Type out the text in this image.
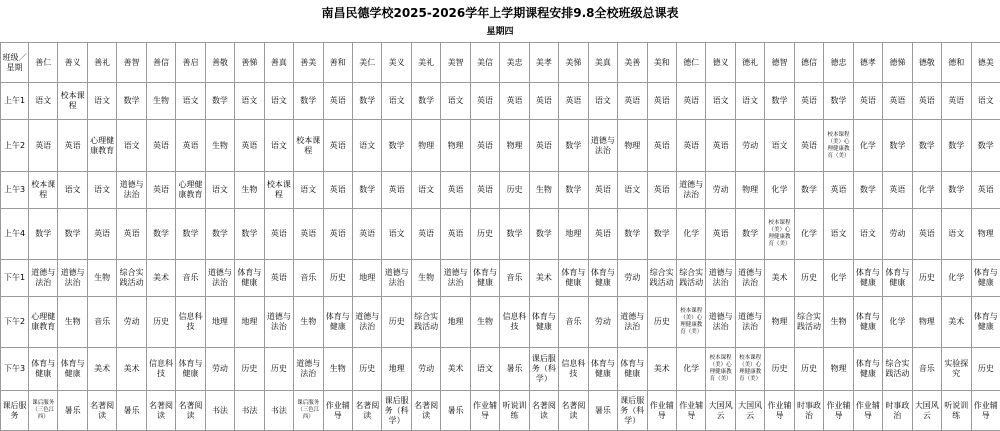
南昌民德学校2025-2026学年上学期课程安排9.8全校班级总课表
星期四
班级／星期	善仁	善义	善礼	善智	善信	善启	善敬	善悌	善真	善美	善和	美仁	美义	美礼	美智	美信	美忠	美孝	美悌	美真	美善	美和	德仁	德义	德礼	德智	德信	德忠	德孝	德悌	德敬	德和	德美
上午1	语文	校本课程	语文	数学	生物	语文	数学	语文	语文	数学	英语	数学	语文	数学	语文	英语	英语	英语	英语	语文	英语	英语	英语	语文	语文	数学	英语	数学	英语	英语	英语	英语	语文
上午2	英语	英语	心理健康教育	语文	英语	英语	生物	英语	语文	校本课程	英语	语文	数学	物理	物理	英语	物理	英语	数学	道德与法治	物理	英语	英语	英语	劳动	语文	英语	校本课程（美）心理健康教育（美）	化学	数学	数学	数学	数学
上午3	校本课程	语文	语文	道德与法治	英语	心理健康教育	语文	生物	校本课程	语文	英语	数学	英语	语文	英语	英语	历史	生物	数学	英语	语文	英语	道德与法治	劳动	物理	化学	数学	英语	数学	英语	化学	数学	英语
上午4	数学	数学	英语	英语	数学	数学	数学	数学	英语	英语	英语	英语	语文	英语	英语	历史	数学	数学	地理	英语	数学	数学	化学	英语	数学	校本课程（美）心理健康教育（美）	化学	语文	语文	劳动	英语	语文	物理
下午1	道德与法治	道德与法治	生物	综合实践活动	美术	音乐	道德与法治	体育与健康	英语	音乐	历史	地理	道德与法治	生物	道德与法治	体育与健康	音乐	美术	体育与健康	体育与健康	劳动	综合实践活动	综合实践活动	道德与法治	道德与法治	美术	历史	化学	体育与健康	体育与健康	历史	化学	体育与健康
下午2	心理健康教育	生物	音乐	劳动	历史	信息科技	地理	地理	道德与法治	生物	体育与健康	道德与法治	历史	综合实践活动	地理	生物	信息科技	体育与健康	音乐	劳动	道德与法治	历史	校本课程（美）心理健康教育（美）	道德与法治	道德与法治	物理	综合实践活动	生物	体育与健康	化学	物理	美术	体育与健康
下午3	体育与健康	体育与健康	美术	美术	信息科技	体育与健康	劳动	历史	历史	道德与法治	生物	历史	地理	劳动	美术	语文	暑乐	课后服务（科学）	信息科技	体育与健康	体育与健康	美术	化学	校本课程（美）心理健康教育（美）	校本课程（美）心理健康教育（美）	历史	历史	物理	体育与健康	综合实践活动	音乐	实验探究	历史
课后服务	课后服务（三色江西）	暑乐	名著阅读	暑乐	名著阅读	名著阅读	书法	书法	书法	课后服务（三色江西）	作业辅导	名著阅读	课后服务（科学）	名著阅读	暑乐	作业辅导	听说训练	名著阅读	名著阅读	暑乐	课后服务（科学）	作业辅导	作业辅导	大国风云	大国风云	作业辅导	时事政治	作业辅导	作业辅导	时事政治	大国风云	听说训练	作业辅导
